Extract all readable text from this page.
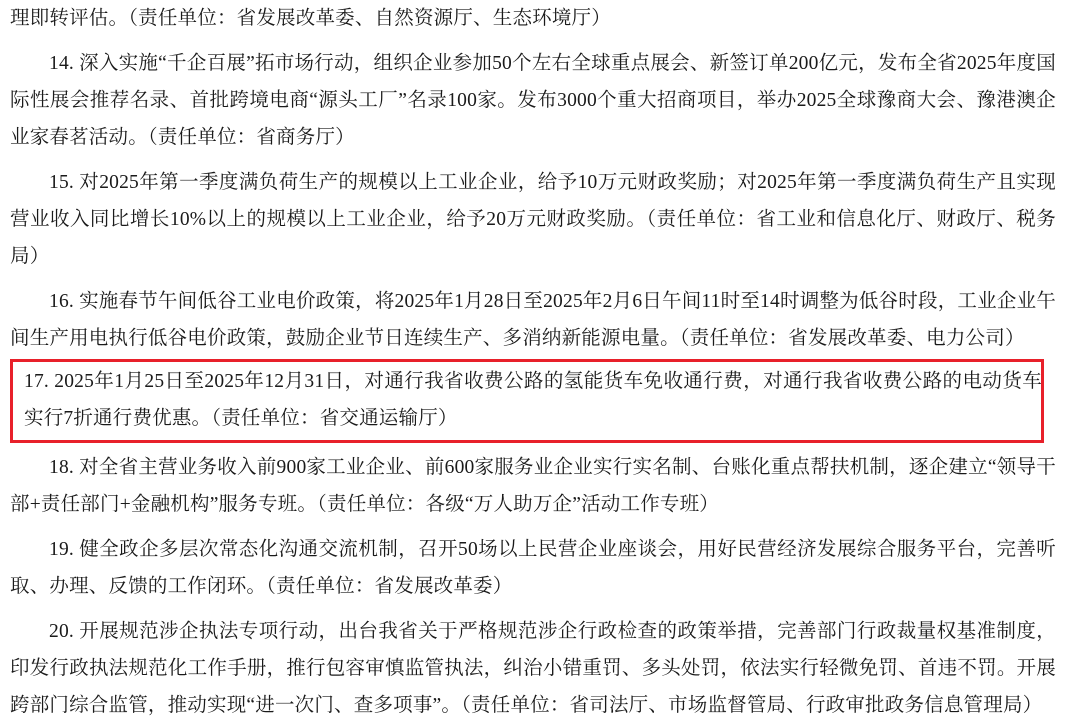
理即转评估。（责任单位：省发展改革委、自然资源厅、生态环境厅）

14. 深入实施“千企百展”拓市场行动，组织企业参加50个左右全球重点展会、新签订单200亿元，发布全省2025年度国际性展会推荐名录、首批跨境电商“源头工厂”名录100家。发布3000个重大招商项目，举办2025全球豫商大会、豫港澳企业家春茗活动。（责任单位：省商务厅）

15. 对2025年第一季度满负荷生产的规模以上工业企业，给予10万元财政奖励；对2025年第一季度满负荷生产且实现营业收入同比增长10%以上的规模以上工业企业，给予20万元财政奖励。（责任单位：省工业和信息化厅、财政厅、税务局）

16. 实施春节午间低谷工业电价政策，将2025年1月28日至2025年2月6日午间11时至14时调整为低谷时段，工业企业午间生产用电执行低谷电价政策，鼓励企业节日连续生产、多消纳新能源电量。（责任单位：省发展改革委、电力公司）

17. 2025年1月25日至2025年12月31日，对通行我省收费公路的氢能货车免收通行费，对通行我省收费公路的电动货车实行7折通行费优惠。（责任单位：省交通运输厅）

18. 对全省主营业务收入前900家工业企业、前600家服务业企业实行实名制、台账化重点帮扶机制，逐企建立“领导干部+责任部门+金融机构”服务专班。（责任单位：各级“万人助万企”活动工作专班）

19. 健全政企多层次常态化沟通交流机制，召开50场以上民营企业座谈会，用好民营经济发展综合服务平台，完善听取、办理、反馈的工作闭环。（责任单位：省发展改革委）

20. 开展规范涉企执法专项行动，出台我省关于严格规范涉企行政检查的政策举措，完善部门行政裁量权基准制度，印发行政执法规范化工作手册，推行包容审慎监管执法，纠治小错重罚、多头处罚，依法实行轻微免罚、首违不罚。开展跨部门综合监管，推动实现“进一次门、查多项事”。（责任单位：省司法厅、市场监督管局、行政审批政务信息管理局）
